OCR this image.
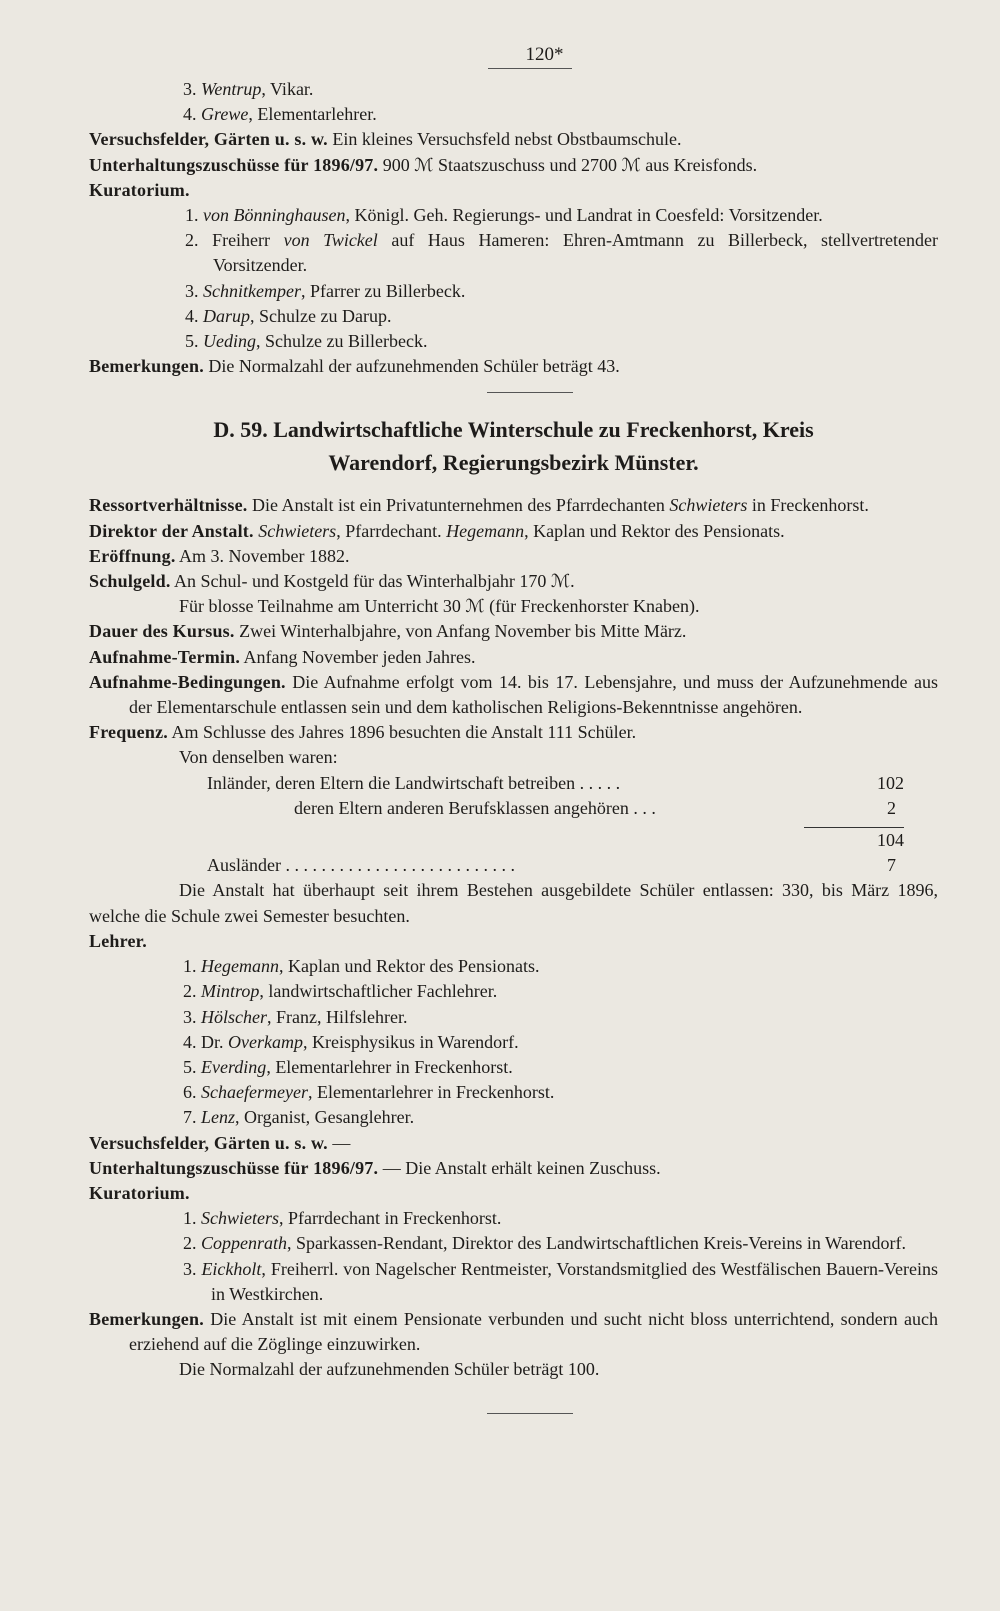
120*

3. Wentrup, Vikar.

4. Grewe, Elementarlehrer.

Versuchsfelder, Gärten u. s. w. Ein kleines Versuchsfeld nebst Obstbaumschule.

Unterhaltungszuschüsse für 1896/97. 900 ℳ Staatszuschuss und 2700 ℳ aus Kreisfonds.

Kuratorium.

1. von Bönninghausen, Königl. Geh. Regierungs- und Landrat in Coesfeld: Vorsitzender.

2. Freiherr von Twickel auf Haus Hameren: Ehren-Amtmann zu Billerbeck, stellvertretender Vorsitzender.

3. Schnitkemper, Pfarrer zu Billerbeck.

4. Darup, Schulze zu Darup.

5. Ueding, Schulze zu Billerbeck.

Bemerkungen. Die Normalzahl der aufzunehmenden Schüler beträgt 43.

D. 59. Landwirtschaftliche Winterschule zu Freckenhorst, Kreis
Warendorf, Regierungsbezirk Münster.

Ressortverhältnisse. Die Anstalt ist ein Privatunternehmen des Pfarrdechanten Schwieters in Freckenhorst.

Direktor der Anstalt. Schwieters, Pfarrdechant. Hegemann, Kaplan und Rektor des Pensionats.

Eröffnung. Am 3. November 1882.

Schulgeld. An Schul- und Kostgeld für das Winterhalbjahr 170 ℳ.

Für blosse Teilnahme am Unterricht 30 ℳ (für Freckenhorster Knaben).

Dauer des Kursus. Zwei Winterhalbjahre, von Anfang November bis Mitte März.

Aufnahme-Termin. Anfang November jeden Jahres.

Aufnahme-Bedingungen. Die Aufnahme erfolgt vom 14. bis 17. Lebensjahre, und muss der Aufzunehmende aus der Elementarschule entlassen sein und dem katholischen Religions-Bekenntnisse angehören.

Frequenz. Am Schlusse des Jahres 1896 besuchten die Anstalt 111 Schüler.

Von denselben waren:

Inländer, deren Eltern die Landwirtschaft betreiben . . . . .	102
deren Eltern anderen Berufsklassen angehören . . .	2
104
Ausländer . . . . . . . . . . . . . . . . . . . . . . . . . .	7

Die Anstalt hat überhaupt seit ihrem Bestehen ausgebildete Schüler entlassen: 330, bis März 1896, welche die Schule zwei Semester besuchten.

Lehrer.

1. Hegemann, Kaplan und Rektor des Pensionats.

2. Mintrop, landwirtschaftlicher Fachlehrer.

3. Hölscher, Franz, Hilfslehrer.

4. Dr. Overkamp, Kreisphysikus in Warendorf.

5. Everding, Elementarlehrer in Freckenhorst.

6. Schaefermeyer, Elementarlehrer in Freckenhorst.

7. Lenz, Organist, Gesanglehrer.

Versuchsfelder, Gärten u. s. w. —

Unterhaltungszuschüsse für 1896/97. — Die Anstalt erhält keinen Zuschuss.

Kuratorium.

1. Schwieters, Pfarrdechant in Freckenhorst.

2. Coppenrath, Sparkassen-Rendant, Direktor des Landwirtschaftlichen Kreis-Vereins in Warendorf.

3. Eickholt, Freiherrl. von Nagelscher Rentmeister, Vorstandsmitglied des Westfälischen Bauern-Vereins in Westkirchen.

Bemerkungen. Die Anstalt ist mit einem Pensionate verbunden und sucht nicht bloss unterrichtend, sondern auch erziehend auf die Zöglinge einzuwirken.

Die Normalzahl der aufzunehmenden Schüler beträgt 100.
